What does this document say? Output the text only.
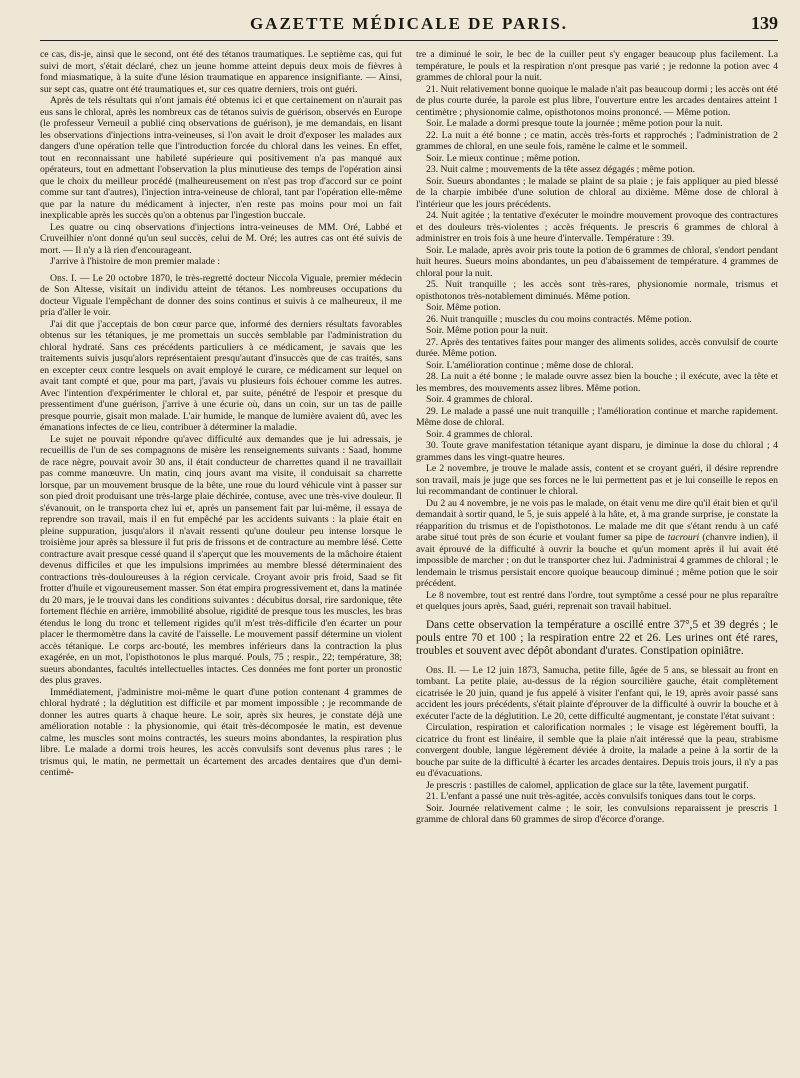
GAZETTE MÉDICALE DE PARIS.	139

ce cas, dis-je, ainsi que le second, ont été des tétanos traumatiques. Le septième cas, qui fut suivi de mort, s'était déclaré, chez un jeune homme atteint depuis deux mois de fièvres à fond miasmatique, à la suite d'une lésion traumatique en apparence insignifiante. — Ainsi, sur sept cas, quatre ont été traumatiques et, sur ces quatre derniers, trois ont guéri.

Après de tels résultats qui n'ont jamais été obtenus ici et que certainement on n'aurait pas eus sans le chloral, après les nombreux cas de tétanos suivis de guérison, observés en Europe (le professeur Verneuil a publié cinq observations de guérison), je me demandais, en lisant les observations d'injections intra-veineuses, si l'on avait le droit d'exposer les malades aux dangers d'une opération telle que l'introduction forcée du chloral dans les veines. En effet, tout en reconnaissant une habileté supérieure qui positivement n'a pas manqué aux opérateurs, tout en admettant l'observation la plus minutieuse des temps de l'opération ainsi que le choix du meilleur procédé (malheureusement on n'est pas trop d'accord sur ce point comme sur tant d'autres), l'injection intra-veineuse de chloral, tant par l'opération elle-même que par la nature du médicament à injecter, n'en reste pas moins pour moi un fait inexplicable après les succès qu'on a obtenus par l'ingestion buccale.

Les quatre ou cinq observations d'injections intra-veineuses de MM. Oré, Labbé et Cruveilhier n'ont donné qu'un seul succès, celui de M. Oré; les autres cas ont été suivis de mort. — Il n'y a là rien d'encourageant.

J'arrive à l'histoire de mon premier malade :

Obs. I. — Le 20 octobre 1870, le très-regretté docteur Niccola Viguale, premier médecin de Son Altesse, visitait un individu atteint de tétanos. Les nombreuses occupations du docteur Viguale l'empêchant de donner des soins continus et suivis à ce malheureux, il me pria d'aller le voir.

J'ai dit que j'acceptais de bon cœur parce que, informé des derniers résultats favorables obtenus sur les tétaniques, je me promettais un succès semblable par l'administration du chloral hydraté. Sans ces précédents particuliers à ce médicament, je savais que les traitements suivis jusqu'alors représentaient presqu'autant d'insuccès que de cas traités, sans en excepter ceux contre lesquels on avait employé le curare, ce médicament sur lequel on avait tant compté et que, pour ma part, j'avais vu plusieurs fois échouer comme les autres. Avec l'intention d'expérimenter le chloral et, par suite, pénétré de l'espoir et presque du pressentiment d'une guérison, j'arrive à une écurie où, dans un coin, sur un tas de paille presque pourrie, gisait mon malade. L'air humide, le manque de lumière avaient dû, avec les émanations infectes de ce lieu, contribuer à déterminer la maladie.

Le sujet ne pouvait répondre qu'avec difficulté aux demandes que je lui adressais, je recueillis de l'un de ses compagnons de misère les renseignements suivants : Saad, homme de race nègre, pouvait avoir 30 ans, il était conducteur de charrettes quand il ne travaillait pas comme manœuvre. Un matin, cinq jours avant ma visite, il conduisait sa charrette lorsque, par un mouvement brusque de la bête, une roue du lourd véhicule vint à passer sur son pied droit produisant une très-large plaie déchirée, contuse, avec une très-vive douleur. Il s'évanouit, on le transporta chez lui et, après un pansement fait par lui-même, il essaya de reprendre son travail, mais il en fut empêché par les accidents suivants : la plaie était en pleine suppuration, jusqu'alors il n'avait ressenti qu'une douleur peu intense lorsque le troisième jour après sa blessure il fut pris de frissons et de contracture au membre lésé. Cette contracture avait presque cessé quand il s'aperçut que les mouvements de la mâchoire étaient devenus difficiles et que les impulsions imprimées au membre blessé déterminaient des contractions très-douloureuses à la région cervicale. Croyant avoir pris froid, Saad se fit frotter d'huile et vigoureusement masser. Son état empira progressivement et, dans la matinée du 20 mars, je le trouvai dans les conditions suivantes : décubitus dorsal, rire sardonique, tête fortement fléchie en arrière, immobilité absolue, rigidité de presque tous les muscles, les bras étendus le long du tronc et tellement rigides qu'il m'est très-difficile d'en écarter un pour placer le thermomètre dans la cavité de l'aisselle. Le mouvement passif détermine un violent accès tétanique. Le corps arc-bouté, les membres inférieurs dans la contraction la plus exagérée, en un mot, l'opisthotonos le plus marqué. Pouls, 75 ; respir., 22; température, 38; sueurs abondantes, facultés intellectuelles intactes. Ces données me font porter un pronostic des plus graves.

Immédiatement, j'administre moi-même le quart d'une potion contenant 4 grammes de chloral hydraté ; la déglutition est difficile et par moment impossible ; je recommande de donner les autres quarts à chaque heure. Le soir, après six heures, je constate déjà une amélioration notable : la physionomie, qui était très-décomposée le matin, est devenue calme, les muscles sont moins contractés, les sueurs moins abondantes, la respiration plus libre. Le malade a dormi trois heures, les accès convulsifs sont devenus plus rares ; le trismus qui, le matin, ne permettait un écartement des arcades dentaires que d'un demi-centimè-

tre a diminué le soir, le bec de la cuiller peut s'y engager beaucoup plus facilement. La température, le pouls et la respiration n'ont presque pas varié ; je redonne la potion avec 4 grammes de chloral pour la nuit.

21. Nuit relativement bonne quoique le malade n'ait pas beaucoup dormi ; les accès ont été de plus courte durée, la parole est plus libre, l'ouverture entre les arcades dentaires atteint 1 centimètre ; physionomie calme, opisthotonos moins prononcé. — Même potion.

Soir. Le malade a dormi presque toute la journée ; même potion pour la nuit.

22. La nuit a été bonne ; ce matin, accès très-forts et rapprochés ; l'administration de 2 grammes de chloral, en une seule fois, ramène le calme et le sommeil.

Soir. Le mieux continue ; même potion.

23. Nuit calme ; mouvements de la tête assez dégagés ; même potion.

Soir. Sueurs abondantes ; le malade se plaint de sa plaie ; je fais appliquer au pied blessé de la charpie imbibée d'une solution de chloral au dixième. Même dose de chloral à l'intérieur que les jours précédents.

24. Nuit agitée ; la tentative d'exécuter le moindre mouvement provoque des contractures et des douleurs très-violentes ; accès fréquents. Je prescris 6 grammes de chloral à administrer en trois fois à une heure d'intervalle. Température : 39.

Soir. Le malade, après avoir pris toute la potion de 6 grammes de chloral, s'endort pendant huit heures. Sueurs moins abondantes, un peu d'abaissement de température. 4 grammes de chloral pour la nuit.

25. Nuit tranquille ; les accès sont très-rares, physionomie normale, trismus et opisthotonos très-notablement diminués. Même potion.

Soir. Même potion.

26. Nuit tranquille ; muscles du cou moins contractés. Même potion.

Soir. Même potion pour la nuit.

27. Après des tentatives faites pour manger des aliments solides, accès convulsif de courte durée. Même potion.

Soir. L'amélioration continue ; même dose de chloral.

28. La nuit a été bonne ; le malade ouvre assez bien la bouche ; il exécute, avec la tête et les membres, des mouvements assez libres. Même potion.

Soir. 4 grammes de chloral.

29. Le malade a passé une nuit tranquille ; l'amélioration continue et marche rapidement. Même dose de chloral.

Soir. 4 grammes de chloral.

30. Toute grave manifestation tétanique ayant disparu, je diminue la dose du chloral ; 4 grammes dans les vingt-quatre heures.

Le 2 novembre, je trouve le malade assis, content et se croyant guéri, il désire reprendre son travail, mais je juge que ses forces ne le lui permettent pas et je lui conseille le repos en lui recommandant de continuer le chloral.

Du 2 au 4 novembre, je ne vois pas le malade, on était venu me dire qu'il était bien et qu'il demandait à sortir quand, le 5, je suis appelé à la hâte, et, à ma grande surprise, je constate la réapparition du trismus et de l'opisthotonos. Le malade me dit que s'étant rendu à un café arabe situé tout près de son écurie et voulant fumer sa pipe de tacrouri (chanvre indien), il avait éprouvé de la difficulté à ouvrir la bouche et qu'un moment après il lui avait été impossible de marcher ; on dut le transporter chez lui. J'administrai 4 grammes de chloral ; le lendemain le trismus persistait encore quoique beaucoup diminué ; même potion que le soir précédent.

Le 8 novembre, tout est rentré dans l'ordre, tout symptôme a cessé pour ne plus reparaître et quelques jours après, Saad, guéri, reprenait son travail habituel.

Dans cette observation la température a oscillé entre 37°,5 et 39 degrés ; le pouls entre 70 et 100 ; la respiration entre 22 et 26. Les urines ont été rares, troubles et souvent avec dépôt abondant d'urates. Constipation opiniâtre.

Obs. II. — Le 12 juin 1873, Samucha, petite fille, âgée de 5 ans, se blessait au front en tombant. La petite plaie, au-dessus de la région sourcilière gauche, était complètement cicatrisée le 20 juin, quand je fus appelé à visiter l'enfant qui, le 19, après avoir passé sans accident les jours précédents, s'était plainte d'éprouver de la difficulté à ouvrir la bouche et à exécuter l'acte de la déglutition. Le 20, cette difficulté augmentant, je constate l'état suivant :

Circulation, respiration et calorification normales ; le visage est légèrement bouffi, la cicatrice du front est linéaire, il semble que la plaie n'ait intéressé que la peau, strabisme convergent double, langue légèrement déviée à droite, la malade a peine à la sortir de la bouche par suite de la difficulté à écarter les arcades dentaires. Depuis trois jours, il n'y a pas eu d'évacuations.

Je prescris : pastilles de calomel, application de glace sur la tête, lavement purgatif.

21. L'enfant a passé une nuit très-agitée, accès convulsifs toniques dans tout le corps.

Soir. Journée relativement calme ; le soir, les convulsions reparaissent je prescris 1 gramme de chloral dans 60 grammes de sirop d'écorce d'orange.
